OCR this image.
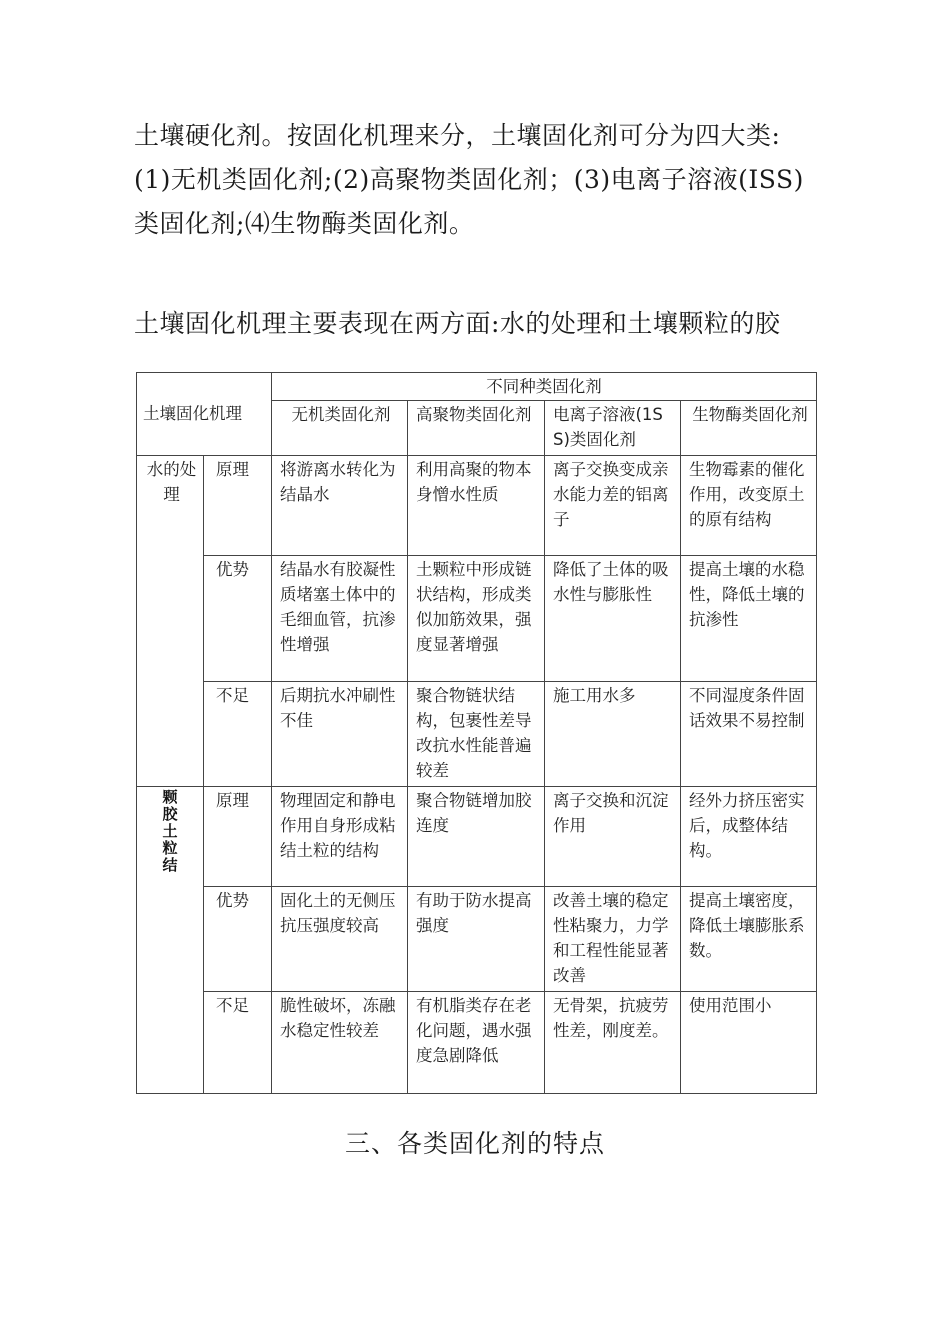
土壤硬化剂。按固化机理来分，土壤固化剂可分为四大类:
(1)无机类固化剂;(2)高聚物类固化剂；(3)电离子溶液(ISS)
类固化剂;⑷生物酶类固化剂。
土壤固化机理主要表现在两方面:水的处理和土壤颗粒的胶
土壤固化机理		不同种类固化剂			
		无机类固化剂	高聚物类固化剂	电离子溶液(1SS)类固化剂	生物酶类固化剂
水的处理	原理	将游离水转化为结晶水	利用高聚的物本身憎水性质	离子交换变成亲水能力差的铝离子	生物霉素的催化作用，改变原土的原有结构
	优势	结晶水有胶凝性质堵塞土体中的毛细血管，抗渗性增强	土颗粒中形成链状结构，形成类似加筋效果，强度显著增强	降低了土体的吸水性与膨胀性	提高土壤的水稳性，降低土壤的抗渗性
	不足	后期抗水冲刷性不佳	聚合物链状结构，包裹性差导改抗水性能普遍较差	施工用水多	不同湿度条件固话效果不易控制

颗胶土粒结	原理	物理固定和静电作用自身形成粘结土粒的结构	聚合物链增加胶连度	离子交换和沉淀作用	经外力挤压密实后，成整体结构。
	优势	固化土的无侧压抗压强度较高	有助于防水提高强度	改善土壤的稳定性粘聚力，力学和工程性能显著改善	提高土壤密度，降低土壤膨胀系数。
	不足	脆性破坏，冻融水稳定性较差	有机脂类存在老化问题，遇水强度急剧降低	无骨架，抗疲劳性差，刚度差。	使用范围小
三、各类固化剂的特点
